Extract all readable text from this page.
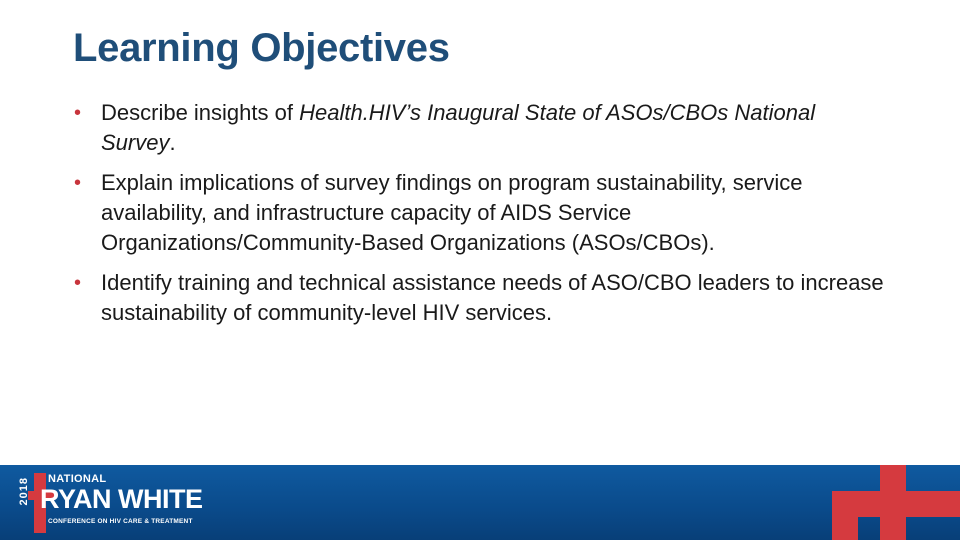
Learning Objectives
• Describe insights of Health.HIV’s Inaugural State of ASOs/CBOs National Survey.
• Explain implications of survey findings on program sustainability, service availability, and infrastructure capacity of AIDS Service Organizations/Community-Based Organizations (ASOs/CBOs).
• Identify training and technical assistance needs of ASO/CBO leaders to increase sustainability of community-level HIV services.
2018 NATIONAL
RYAN WHITE
CONFERENCE ON HIV CARE & TREATMENT
